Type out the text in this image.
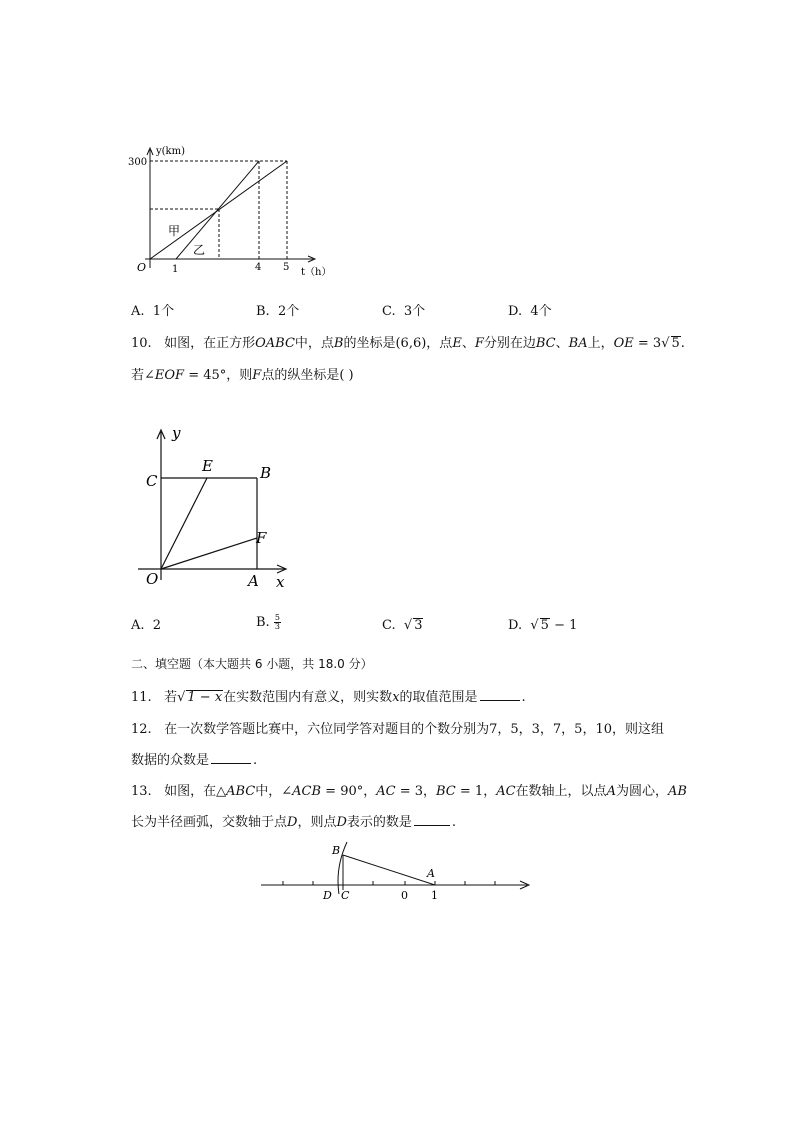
y(km)
300
O	1	4 5 t（h）
甲
乙
A. 1个	B. 2个	C. 3个	D. 4个
10. 如图，在正方形OABC中，点B的坐标是(6,6)，点E、F分别在边BC、BA上，OE = 3√ 5.
若∠EOF = 45°，则F点的纵坐标是( )
y
x
O	A
B
C
E
F
A. 2	B. $\frac{5}{3}$	C. √ 3	D. √ 5 − 1
二、填空题（本大题共 6 小题，共 18.0 分）
11. 若√ 1 − x在实数范围内有意义，则实数x的取值范围是	.
12. 在一次数学答题比赛中，六位同学答对题目的个数分别为7，5，3，7，5，10，则这组
数据的众数是	.
13. 如图，在△ABC中，∠ACB = 90°，AC = 3，BC = 1，AC在数轴上，以点A为圆心，AB
长为半径画弧，交数轴于点D，则点D表示的数是	.
B
A
D C	0 1
